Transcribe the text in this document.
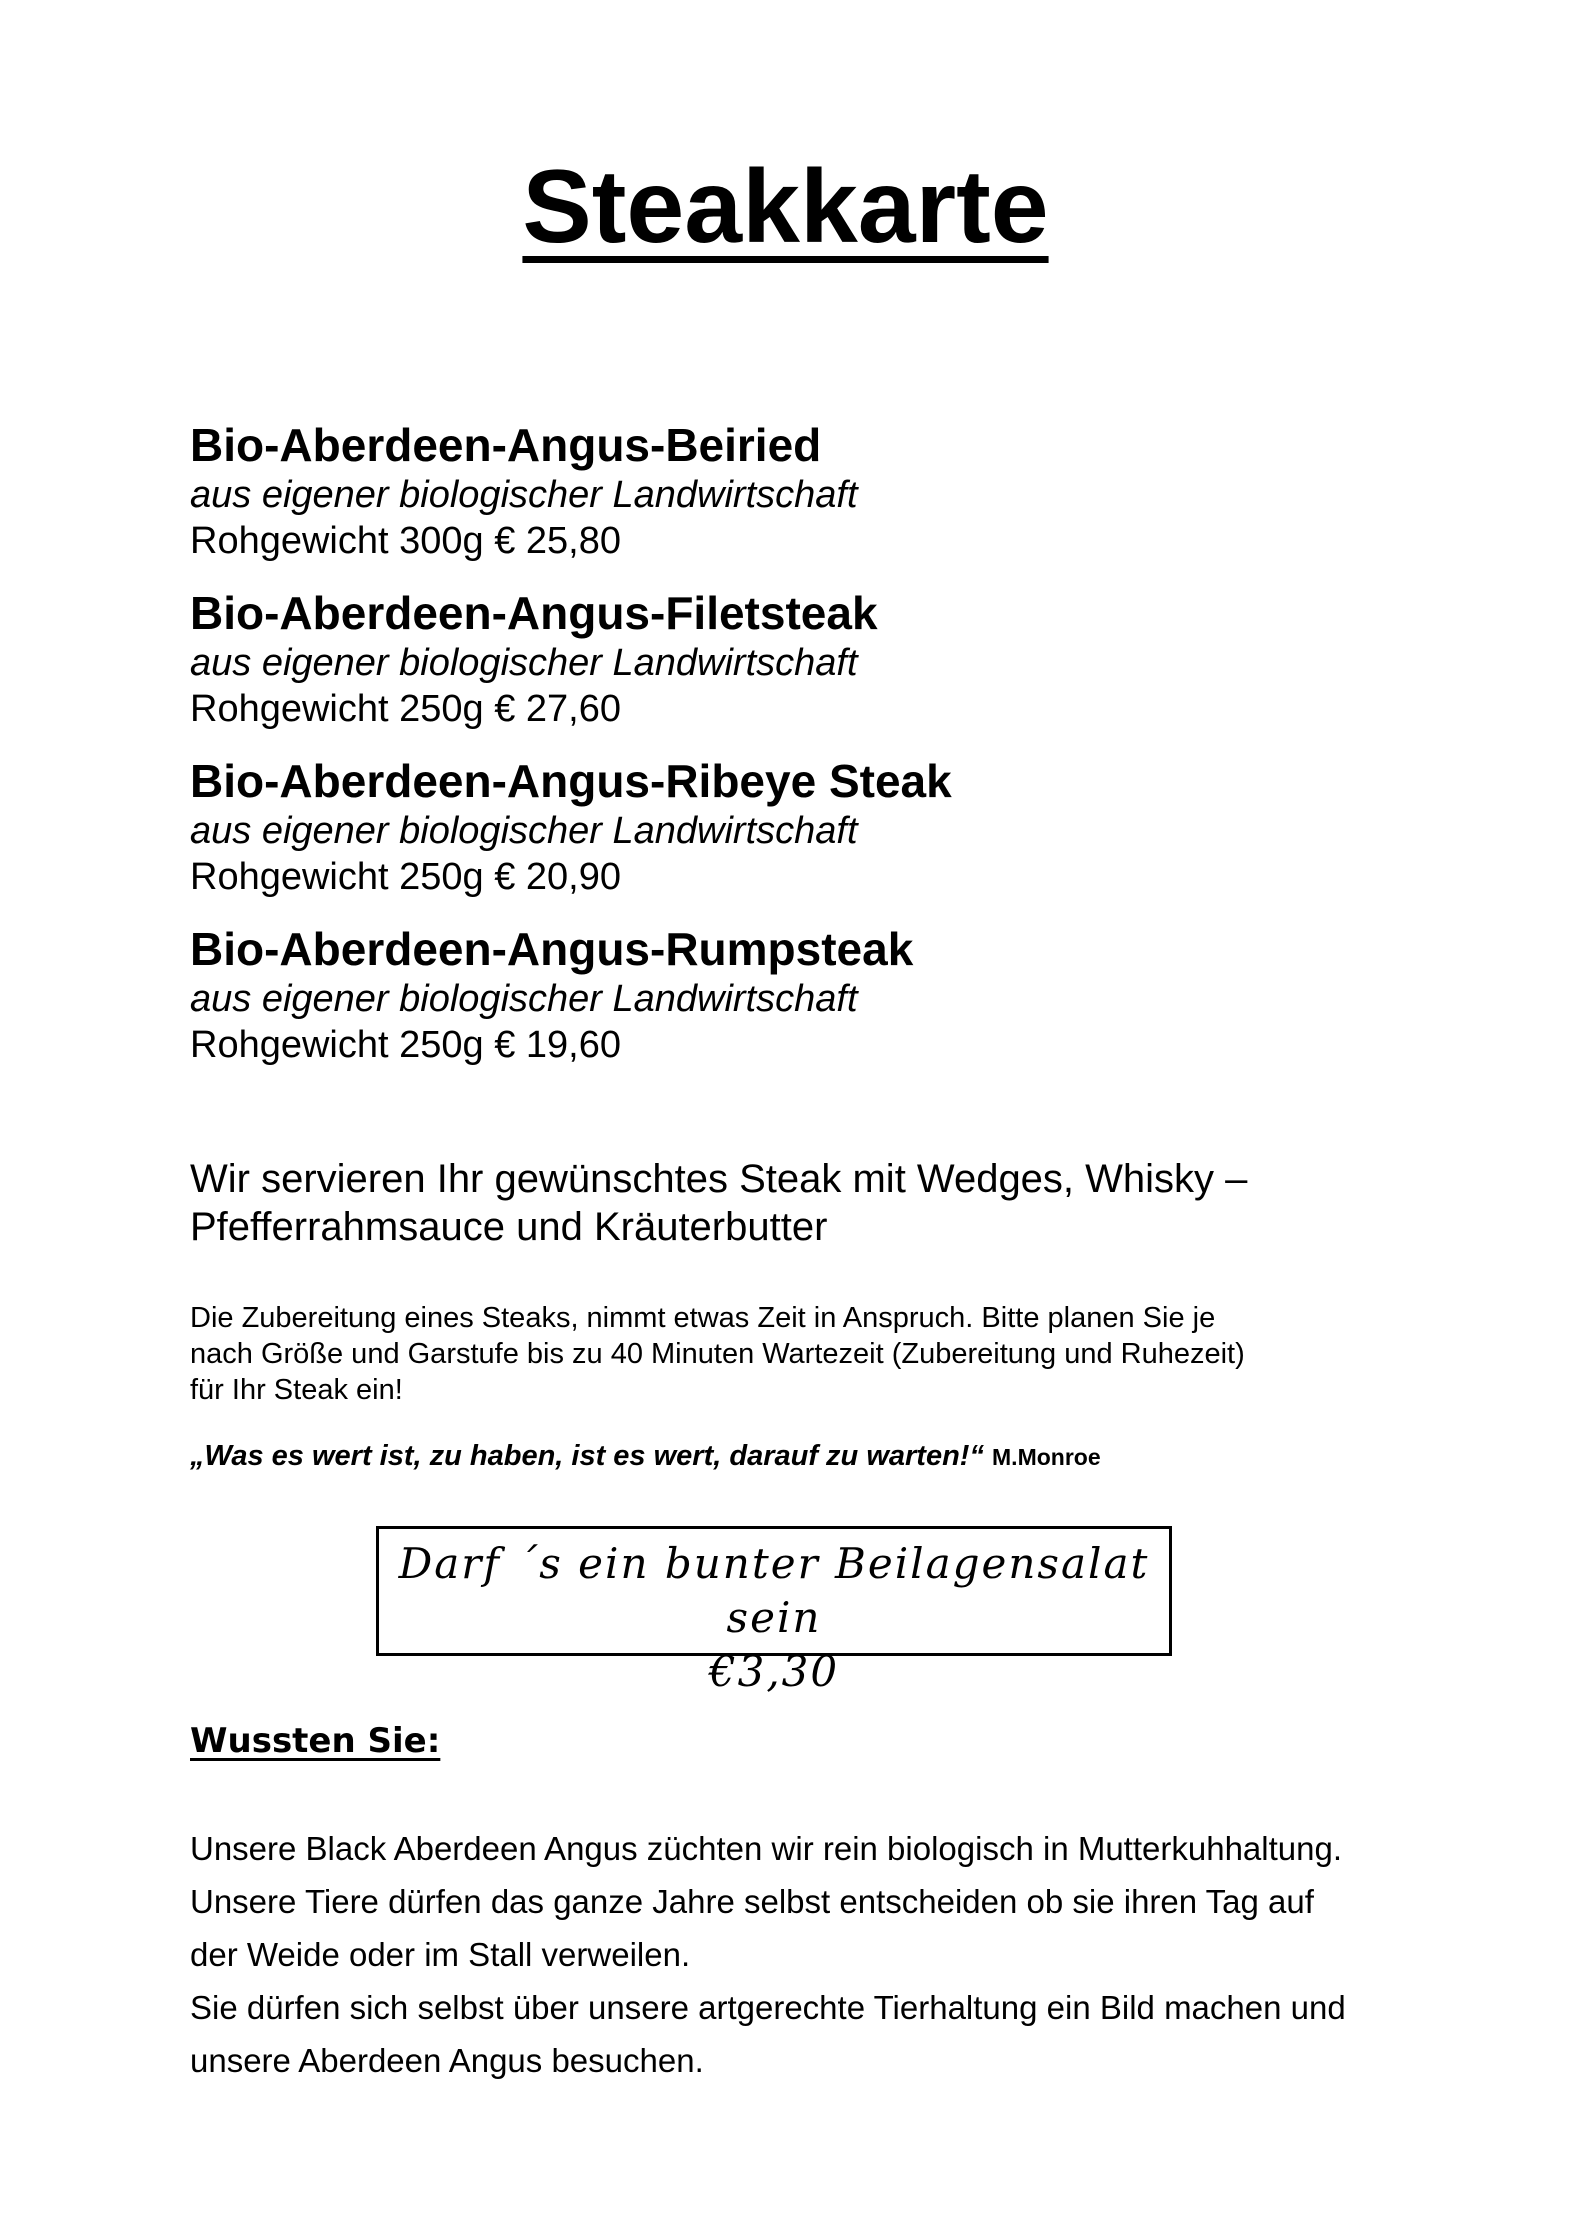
Steakkarte
Bio-Aberdeen-Angus-Beiried
aus eigener biologischer Landwirtschaft
Rohgewicht 300g € 25,80
Bio-Aberdeen-Angus-Filetsteak
aus eigener biologischer Landwirtschaft
Rohgewicht 250g € 27,60
Bio-Aberdeen-Angus-Ribeye Steak
aus eigener biologischer Landwirtschaft
Rohgewicht 250g € 20,90
Bio-Aberdeen-Angus-Rumpsteak
aus eigener biologischer Landwirtschaft
Rohgewicht 250g € 19,60
Wir servieren Ihr gewünschtes Steak mit Wedges, Whisky –
Pfefferrahmsauce und Kräuterbutter
Die Zubereitung eines Steaks, nimmt etwas Zeit in Anspruch. Bitte planen Sie je
nach Größe und Garstufe bis zu 40 Minuten Wartezeit (Zubereitung und Ruhezeit)
für Ihr Steak ein!
„Was es wert ist, zu haben, ist es wert, darauf zu warten!“ M.Monroe
Darf ´s ein bunter Beilagensalat sein
€3,30
Wussten Sie:
Unsere Black Aberdeen Angus züchten wir rein biologisch in Mutterkuhhaltung.
Unsere Tiere dürfen das ganze Jahre selbst entscheiden ob sie ihren Tag auf
der Weide oder im Stall verweilen.
Sie dürfen sich selbst über unsere artgerechte Tierhaltung ein Bild machen und
unsere Aberdeen Angus besuchen.
